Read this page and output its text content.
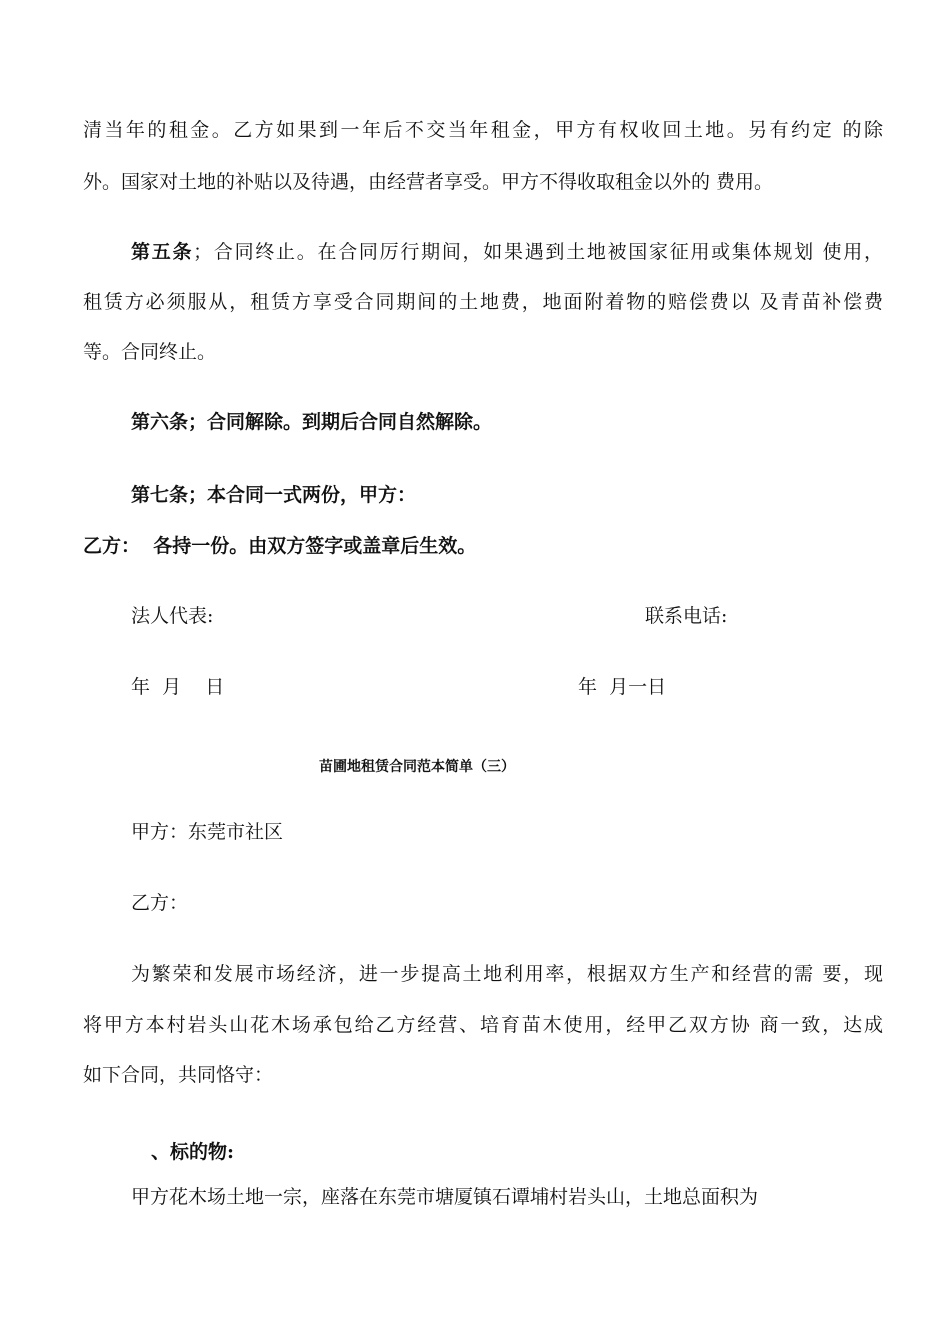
清当年的租金。乙方如果到一年后不交当年租金，甲方有权收回土地。另有约定 的除
外。国家对土地的补贴以及待遇，由经营者享受。甲方不得收取租金以外的 费用。
第五条；合同终止。在合同厉行期间，如果遇到土地被国家征用或集体规划 使用，
租赁方必须服从，租赁方享受合同期间的土地费，地面附着物的赔偿费以 及青苗补偿费
等。合同终止。
第六条；合同解除。到期后合同自然解除。
第七条；本合同一式两份，甲方：
乙方：  各持一份。由双方签字或盖章后生效。
法人代表:	联系电话:
年  月    日	年  月一日
苗圃地租赁合同范本简单（三）
甲方：东莞市社区
乙方：
为繁荣和发展市场经济，进一步提高土地利用率，根据双方生产和经营的需 要，现
将甲方本村岩头山花木场承包给乙方经营、培育苗木使用，经甲乙双方协 商一致，达成
如下合同，共同恪守：
、标的物:
甲方花木场土地一宗，座落在东莞市塘厦镇石谭埔村岩头山，土地总面积为
